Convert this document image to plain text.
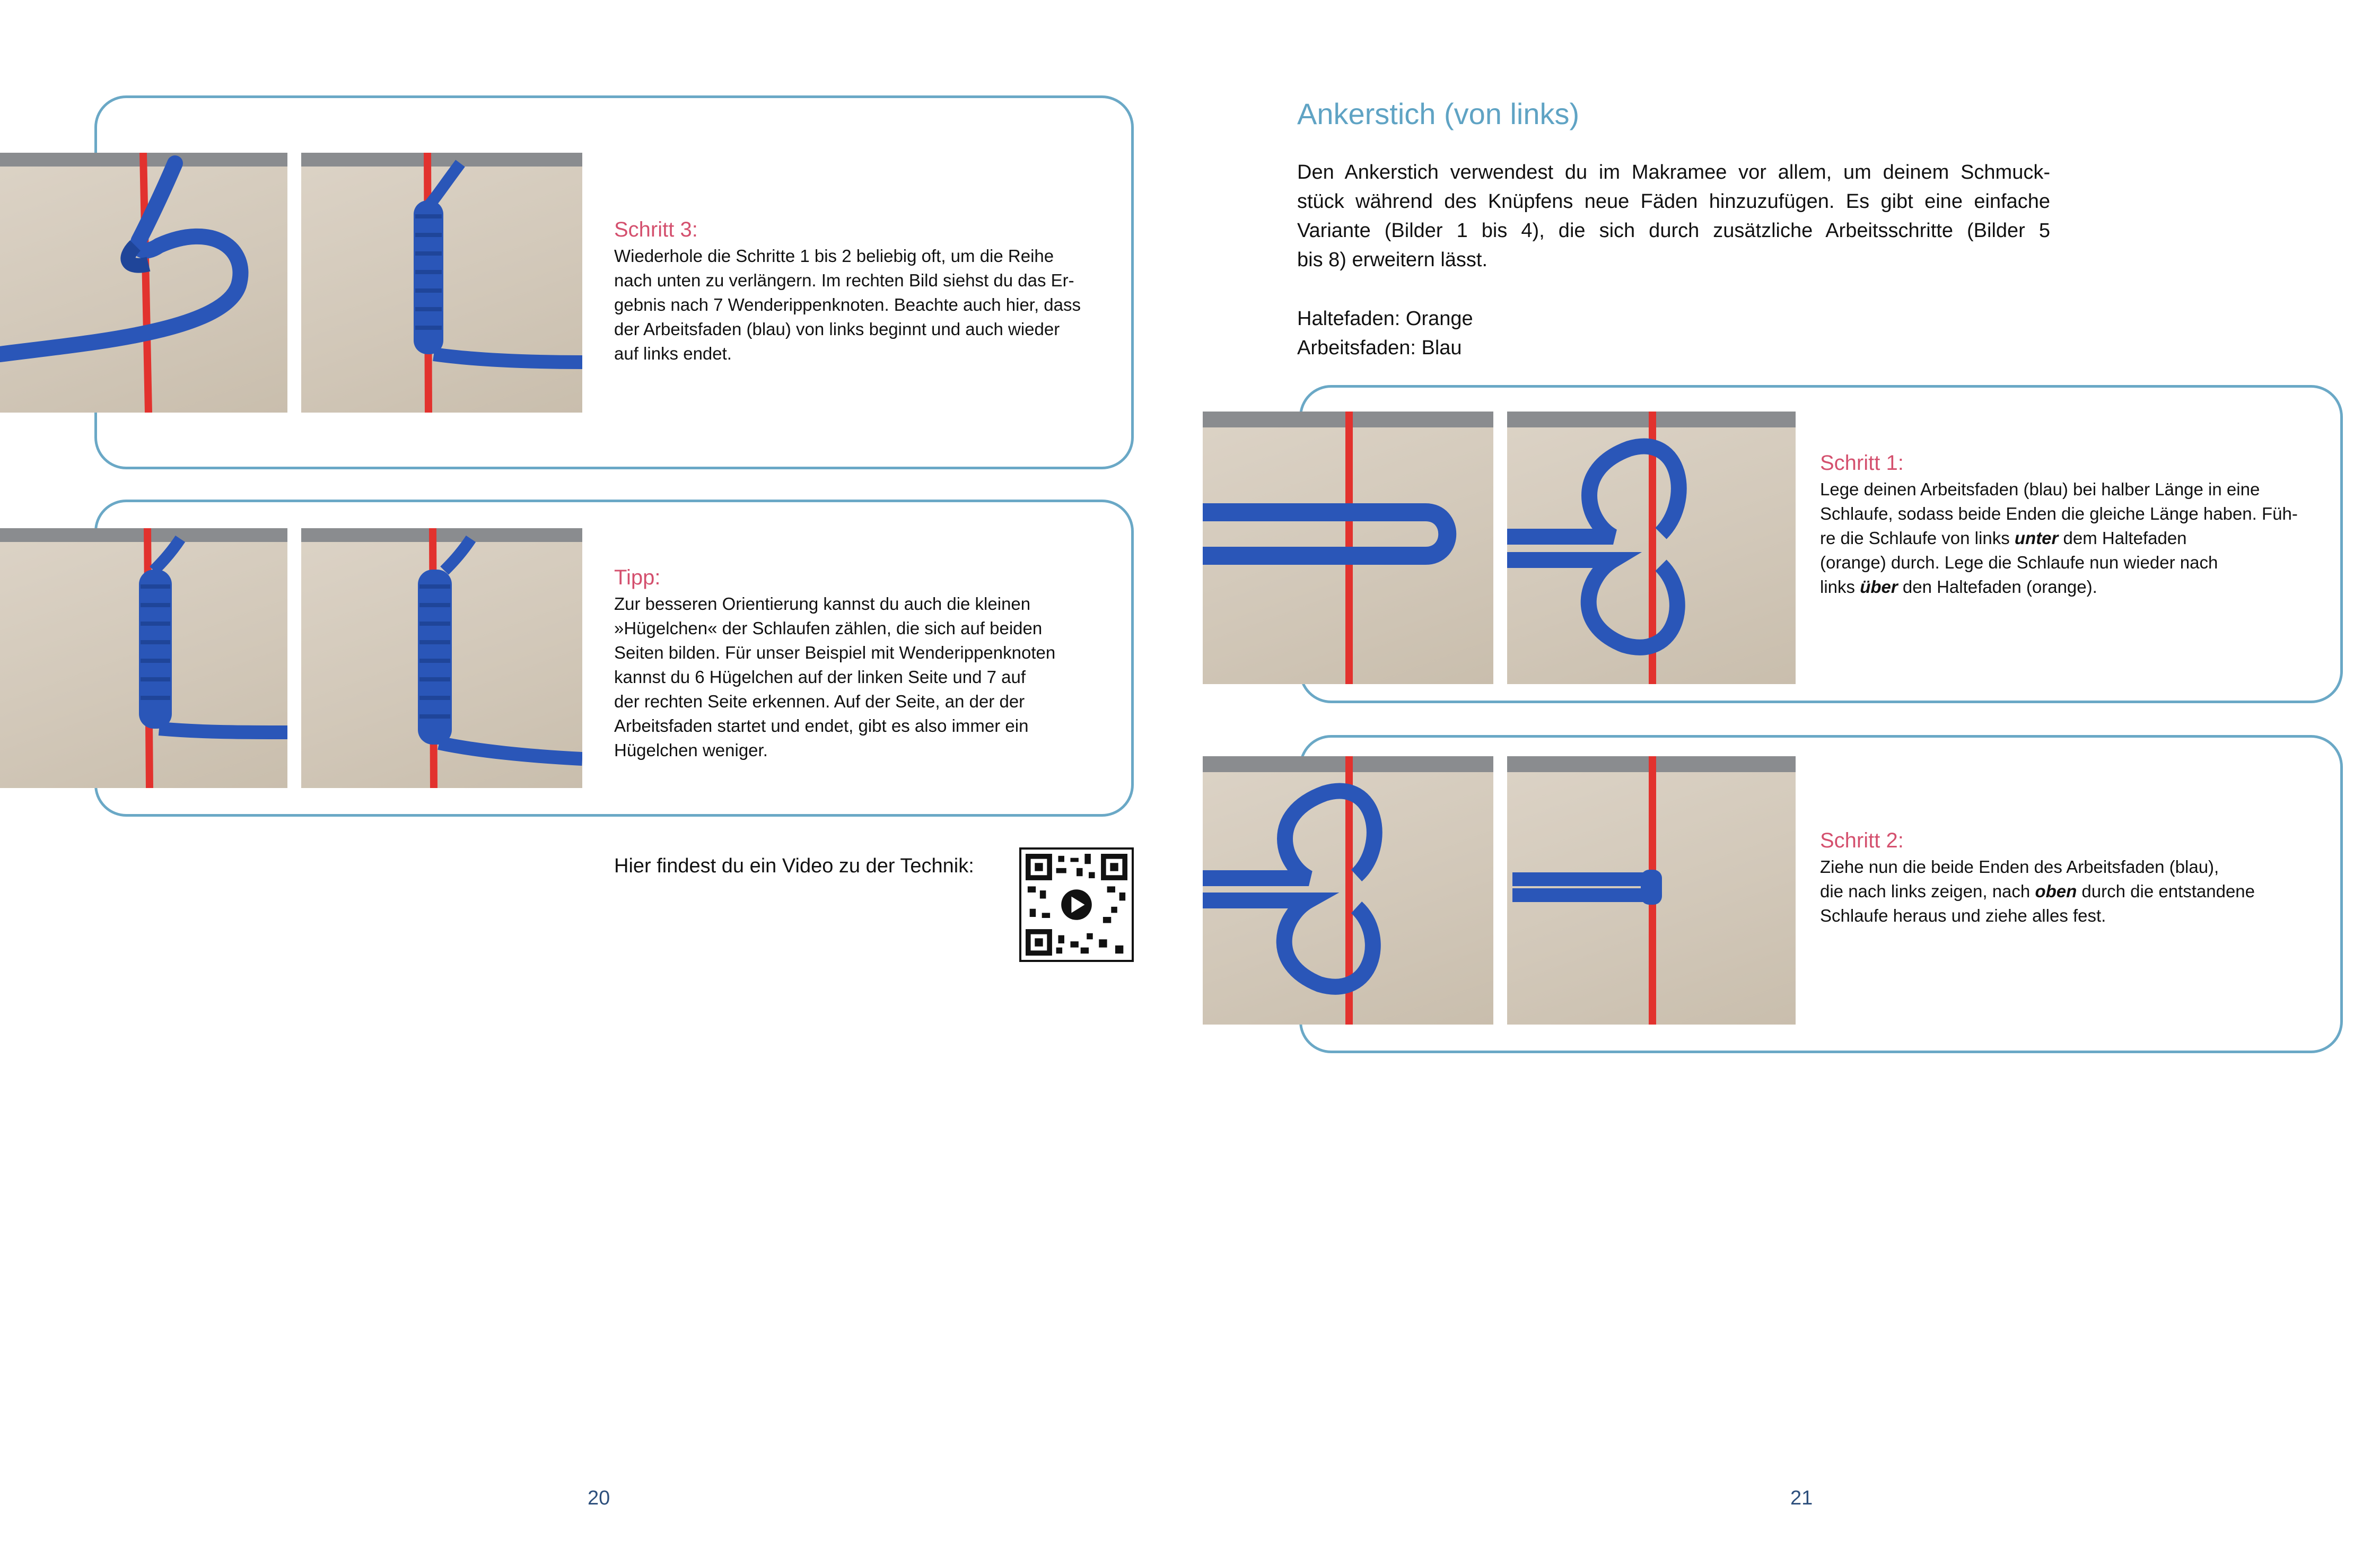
Schritt 3:
Wiederhole die Schritte 1 bis 2 beliebig oft, um die Reihe
nach unten zu verlängern. Im rechten Bild siehst du das Er-
gebnis nach 7 Wenderippenknoten. Beachte auch hier, dass
der Arbeitsfaden (blau) von links beginnt und auch wieder
auf links endet.
Tipp:
Zur besseren Orientierung kannst du auch die kleinen
»Hügelchen« der Schlaufen zählen, die sich auf beiden
Seiten bilden. Für unser Beispiel mit Wenderippenknoten
kannst du 6 Hügelchen auf der linken Seite und 7 auf
der rechten Seite erkennen. Auf der Seite, an der der
Arbeitsfaden startet und endet, gibt es also immer ein
Hügelchen weniger.
Hier findest du ein Video zu der Technik:
20
Ankerstich (von links)
Den Ankerstich verwendest du im Makramee vor allem, um deinem Schmuck-
stück während des Knüpfens neue Fäden hinzuzufügen. Es gibt eine einfache
Variante (Bilder 1 bis 4), die sich durch zusätzliche Arbeitsschritte (Bilder 5
bis 8) erweitern lässt.
Haltefaden: Orange
Arbeitsfaden: Blau
Schritt 1:
Lege deinen Arbeitsfaden (blau) bei halber Länge in eine
Schlaufe, sodass beide Enden die gleiche Länge haben. Füh-
re die Schlaufe von links unter dem Haltefaden
(orange) durch. Lege die Schlaufe nun wieder nach
links über den Haltefaden (orange).
Schritt 2:
Ziehe nun die beide Enden des Arbeitsfaden (blau),
die nach links zeigen, nach oben durch die entstandene
Schlaufe heraus und ziehe alles fest.
21
